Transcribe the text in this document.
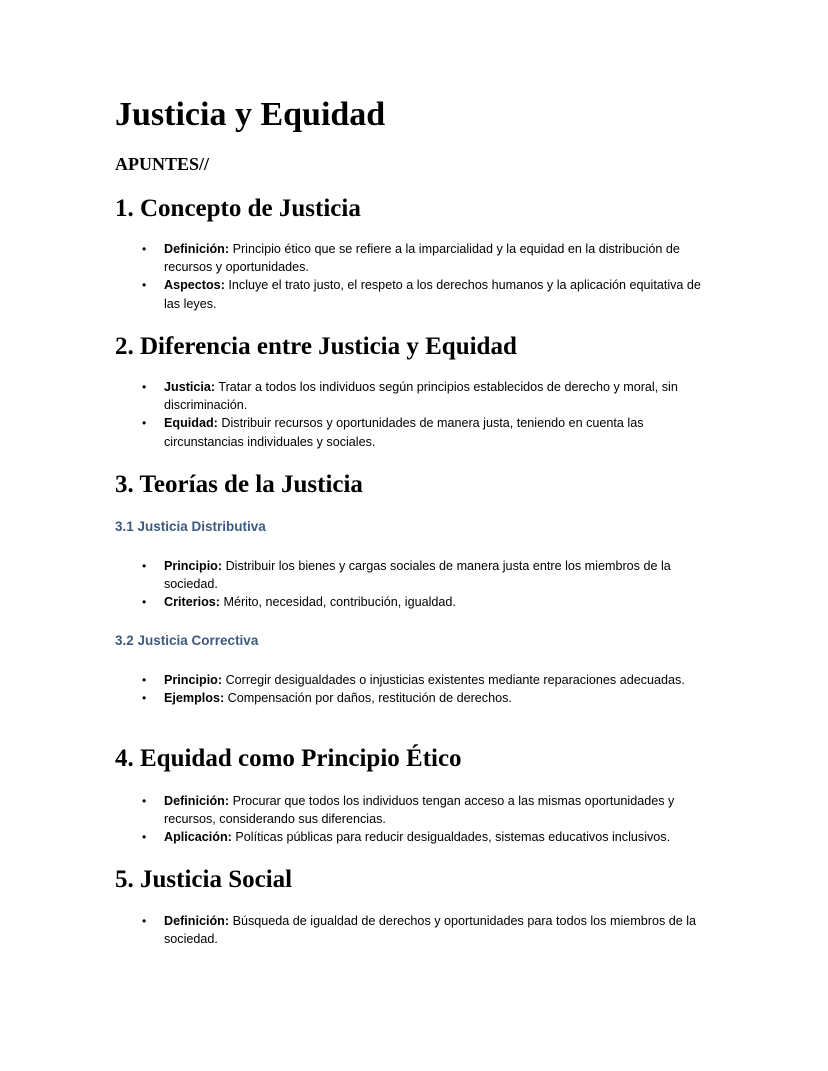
Justicia y Equidad
APUNTES//
1. Concepto de Justicia
• Definición: Principio ético que se refiere a la imparcialidad y la equidad en la distribución de recursos y oportunidades.
• Aspectos: Incluye el trato justo, el respeto a los derechos humanos y la aplicación equitativa de las leyes.
2. Diferencia entre Justicia y Equidad
• Justicia: Tratar a todos los individuos según principios establecidos de derecho y moral, sin discriminación.
• Equidad: Distribuir recursos y oportunidades de manera justa, teniendo en cuenta las circunstancias individuales y sociales.
3. Teorías de la Justicia
3.1 Justicia Distributiva
• Principio: Distribuir los bienes y cargas sociales de manera justa entre los miembros de la sociedad.
• Criterios: Mérito, necesidad, contribución, igualdad.
3.2 Justicia Correctiva
• Principio: Corregir desigualdades o injusticias existentes mediante reparaciones adecuadas.
• Ejemplos: Compensación por daños, restitución de derechos.
4. Equidad como Principio Ético
• Definición: Procurar que todos los individuos tengan acceso a las mismas oportunidades y recursos, considerando sus diferencias.
• Aplicación: Políticas públicas para reducir desigualdades, sistemas educativos inclusivos.
5. Justicia Social
• Definición: Búsqueda de igualdad de derechos y oportunidades para todos los miembros de la sociedad.
